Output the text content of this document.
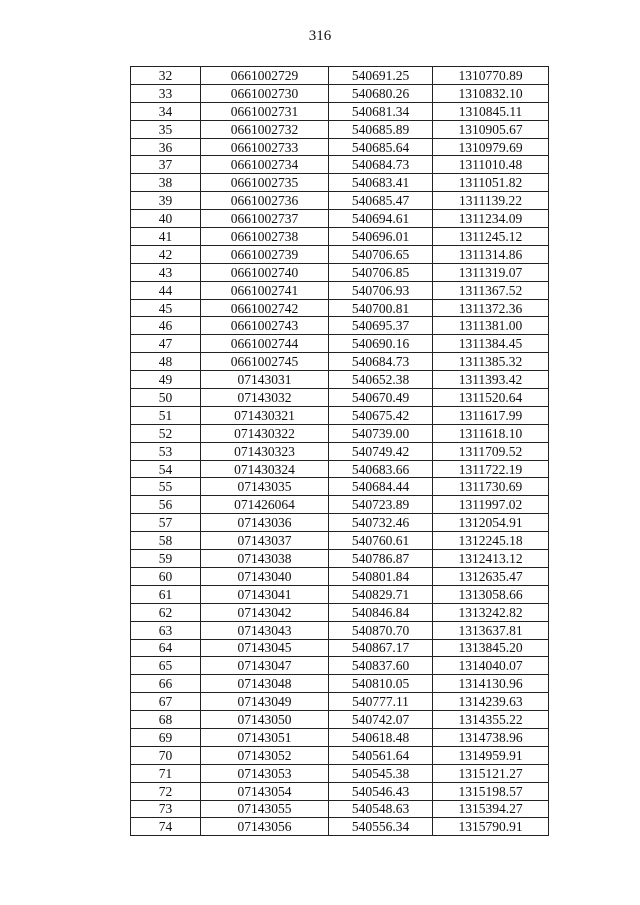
316
32	0661002729	540691.25	1310770.89
33	0661002730	540680.26	1310832.10
34	0661002731	540681.34	1310845.11
35	0661002732	540685.89	1310905.67
36	0661002733	540685.64	1310979.69
37	0661002734	540684.73	1311010.48
38	0661002735	540683.41	1311051.82
39	0661002736	540685.47	1311139.22
40	0661002737	540694.61	1311234.09
41	0661002738	540696.01	1311245.12
42	0661002739	540706.65	1311314.86
43	0661002740	540706.85	1311319.07
44	0661002741	540706.93	1311367.52
45	0661002742	540700.81	1311372.36
46	0661002743	540695.37	1311381.00
47	0661002744	540690.16	1311384.45
48	0661002745	540684.73	1311385.32
49	07143031	540652.38	1311393.42
50	07143032	540670.49	1311520.64
51	071430321	540675.42	1311617.99
52	071430322	540739.00	1311618.10
53	071430323	540749.42	1311709.52
54	071430324	540683.66	1311722.19
55	07143035	540684.44	1311730.69
56	071426064	540723.89	1311997.02
57	07143036	540732.46	1312054.91
58	07143037	540760.61	1312245.18
59	07143038	540786.87	1312413.12
60	07143040	540801.84	1312635.47
61	07143041	540829.71	1313058.66
62	07143042	540846.84	1313242.82
63	07143043	540870.70	1313637.81
64	07143045	540867.17	1313845.20
65	07143047	540837.60	1314040.07
66	07143048	540810.05	1314130.96
67	07143049	540777.11	1314239.63
68	07143050	540742.07	1314355.22
69	07143051	540618.48	1314738.96
70	07143052	540561.64	1314959.91
71	07143053	540545.38	1315121.27
72	07143054	540546.43	1315198.57
73	07143055	540548.63	1315394.27
74	07143056	540556.34	1315790.91
